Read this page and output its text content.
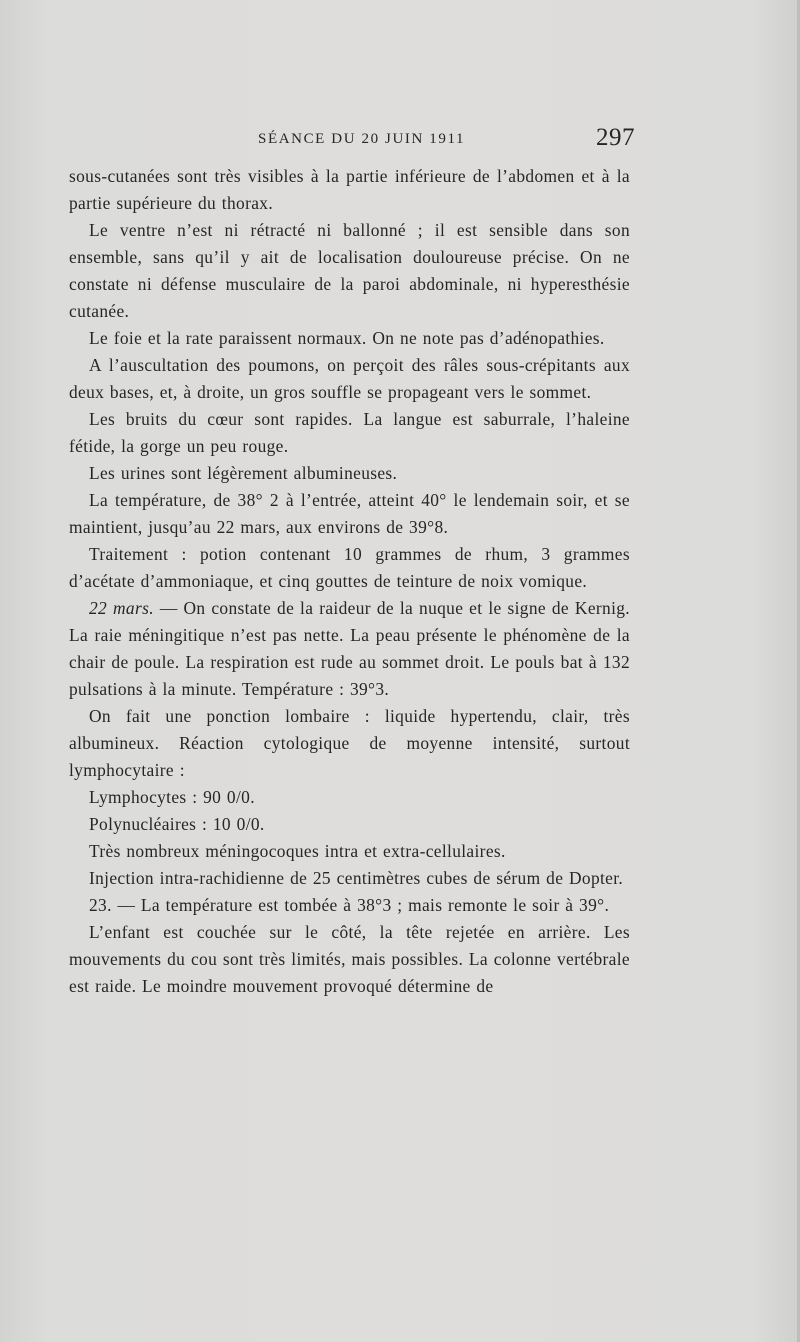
SÉANCE DU 20 JUIN 1911	297

sous-cutanées sont très visibles à la partie inférieure de l’abdomen et à la partie supérieure du thorax.

Le ventre n’est ni rétracté ni ballonné ; il est sensible dans son ensemble, sans qu’il y ait de localisation douloureuse précise. On ne constate ni défense musculaire de la paroi abdominale, ni hyperesthésie cutanée.

Le foie et la rate paraissent normaux. On ne note pas d’adénopathies.

A l’auscultation des poumons, on perçoit des râles sous-crépitants aux deux bases, et, à droite, un gros souffle se propageant vers le sommet.

Les bruits du cœur sont rapides. La langue est saburrale, l’haleine fétide, la gorge un peu rouge.

Les urines sont légèrement albumineuses.

La température, de 38° 2 à l’entrée, atteint 40° le lendemain soir, et se maintient, jusqu’au 22 mars, aux environs de 39°8.

Traitement : potion contenant 10 grammes de rhum, 3 grammes d’acétate d’ammoniaque, et cinq gouttes de teinture de noix vomique.

22 mars. — On constate de la raideur de la nuque et le signe de Kernig. La raie méningitique n’est pas nette. La peau présente le phénomène de la chair de poule. La respiration est rude au sommet droit. Le pouls bat à 132 pulsations à la minute. Température : 39°3.

On fait une ponction lombaire : liquide hypertendu, clair, très albumineux. Réaction cytologique de moyenne intensité, surtout lymphocytaire :

Lymphocytes : 90 0/0.

Polynucléaires : 10 0/0.

Très nombreux méningocoques intra et extra-cellulaires.

Injection intra-rachidienne de 25 centimètres cubes de sérum de Dopter.

23. — La température est tombée à 38°3 ; mais remonte le soir à 39°.

L’enfant est couchée sur le côté, la tête rejetée en arrière. Les mouvements du cou sont très limités, mais possibles. La colonne vertébrale est raide. Le moindre mouvement provoqué détermine de
